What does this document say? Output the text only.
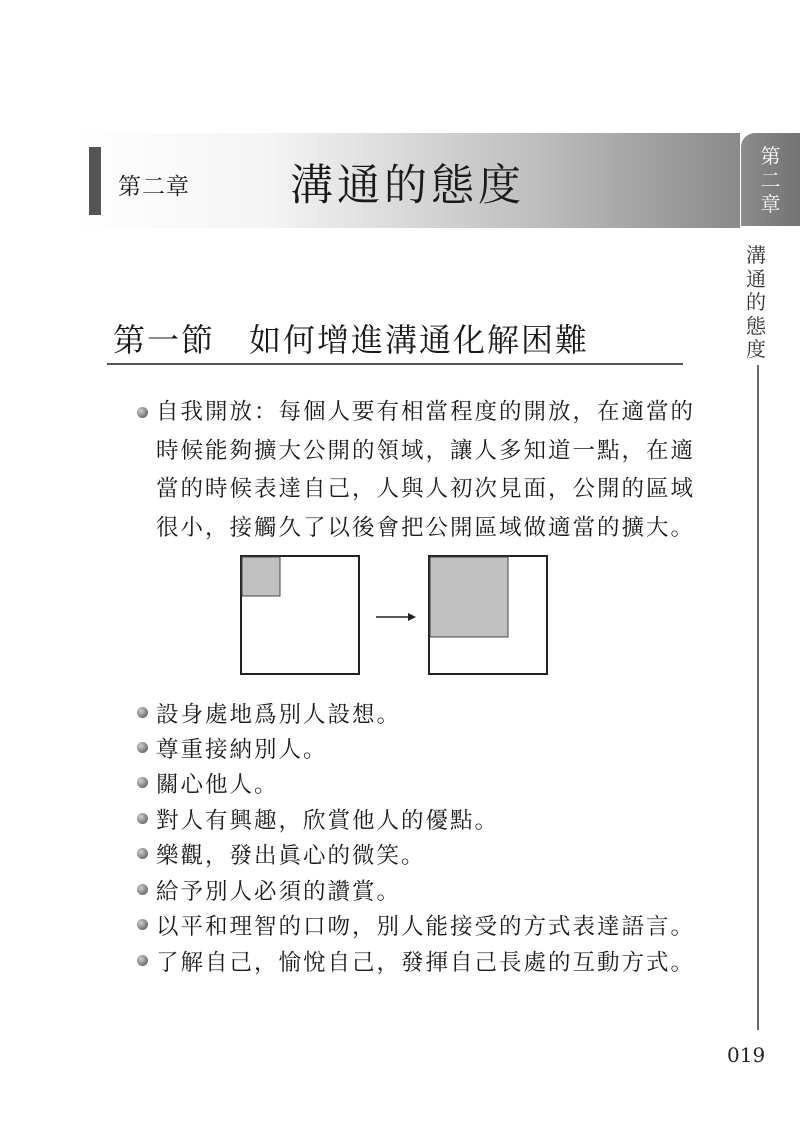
第二章 溝通的態度
第二章
溝通的態度
019
第一節　如何增進溝通化解困難

自我開放：每個人要有相當程度的開放，在適當的

時候能夠擴大公開的領域，讓人多知道一點，在適

當的時候表達自己，人與人初次見面，公開的區域

很小，接觸久了以後會把公開區域做適當的擴大。

設身處地爲別人設想。
尊重接納別人。
關心他人。
對人有興趣，欣賞他人的優點。
樂觀，發出眞心的微笑。
給予別人必須的讚賞。
以平和理智的口吻，別人能接受的方式表達語言。
了解自己，愉悅自己，發揮自己長處的互動方式。
